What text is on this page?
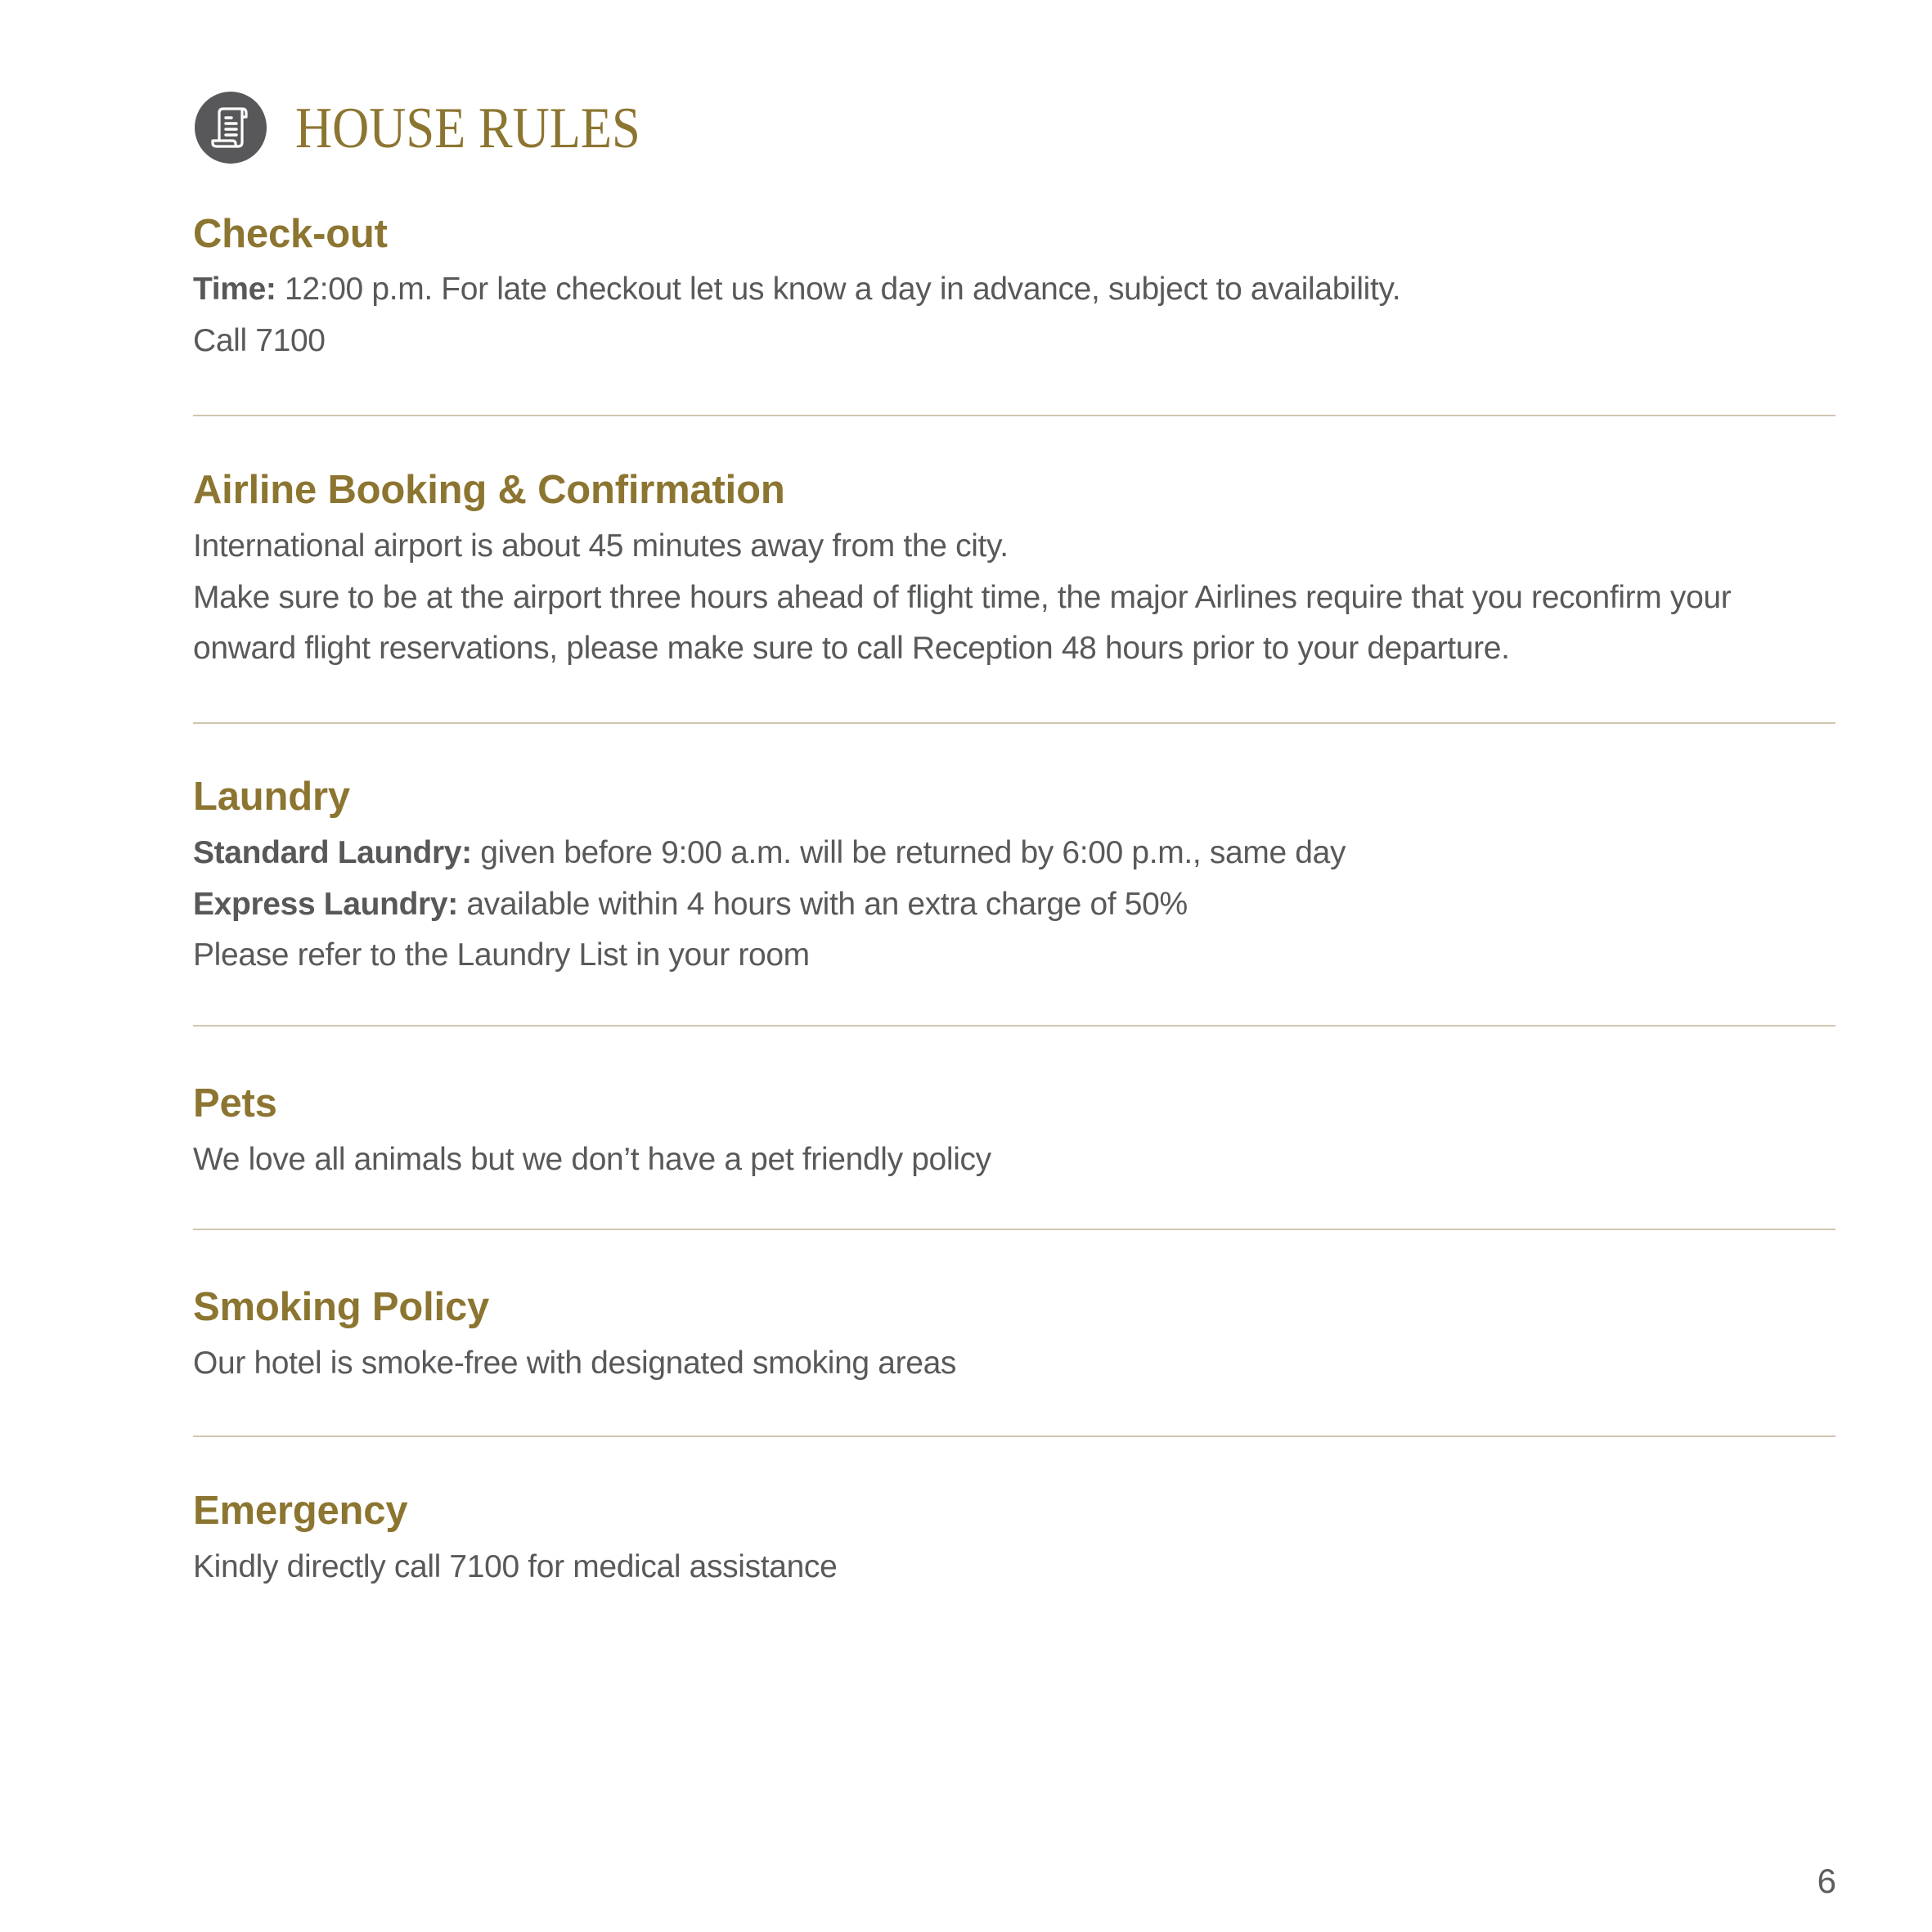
HOUSE RULES
Check-out
Time: 12:00 p.m. For late checkout let us know a day in advance, subject to availability.
Call 7100
Airline Booking & Confirmation
International airport is about 45 minutes away from the city.
Make sure to be at the airport three hours ahead of flight time, the major Airlines require that you reconfirm your
onward flight reservations, please make sure to call Reception 48 hours prior to your departure.
Laundry
Standard Laundry: given before 9:00 a.m. will be returned by 6:00 p.m., same day
Express Laundry: available within 4 hours with an extra charge of 50%
Please refer to the Laundry List in your room
Pets
We love all animals but we don’t have a pet friendly policy
Smoking Policy
Our hotel is smoke-free with designated smoking areas
Emergency
Kindly directly call 7100 for medical assistance
6
